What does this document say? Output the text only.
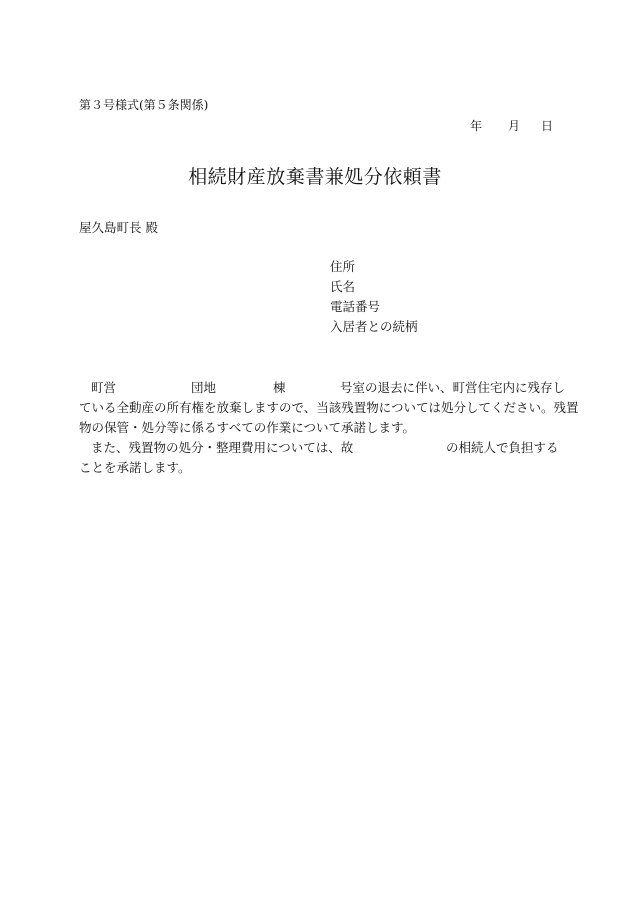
第３号様式(第５条関係)
年 月 日
相続財産放棄書兼処分依頼書
屋久島町長 殿
住所
氏名
電話番号
入居者との続柄
町営	団地	棟	号室の退去に伴い、町営住宅内に残存し
ている全動産の所有権を放棄しますので、当該残置物については処分してください。残置
物の保管・処分等に係るすべての作業について承諾します。
また、残置物の処分・整理費用については、故	の相続人で負担する
ことを承諾します。
